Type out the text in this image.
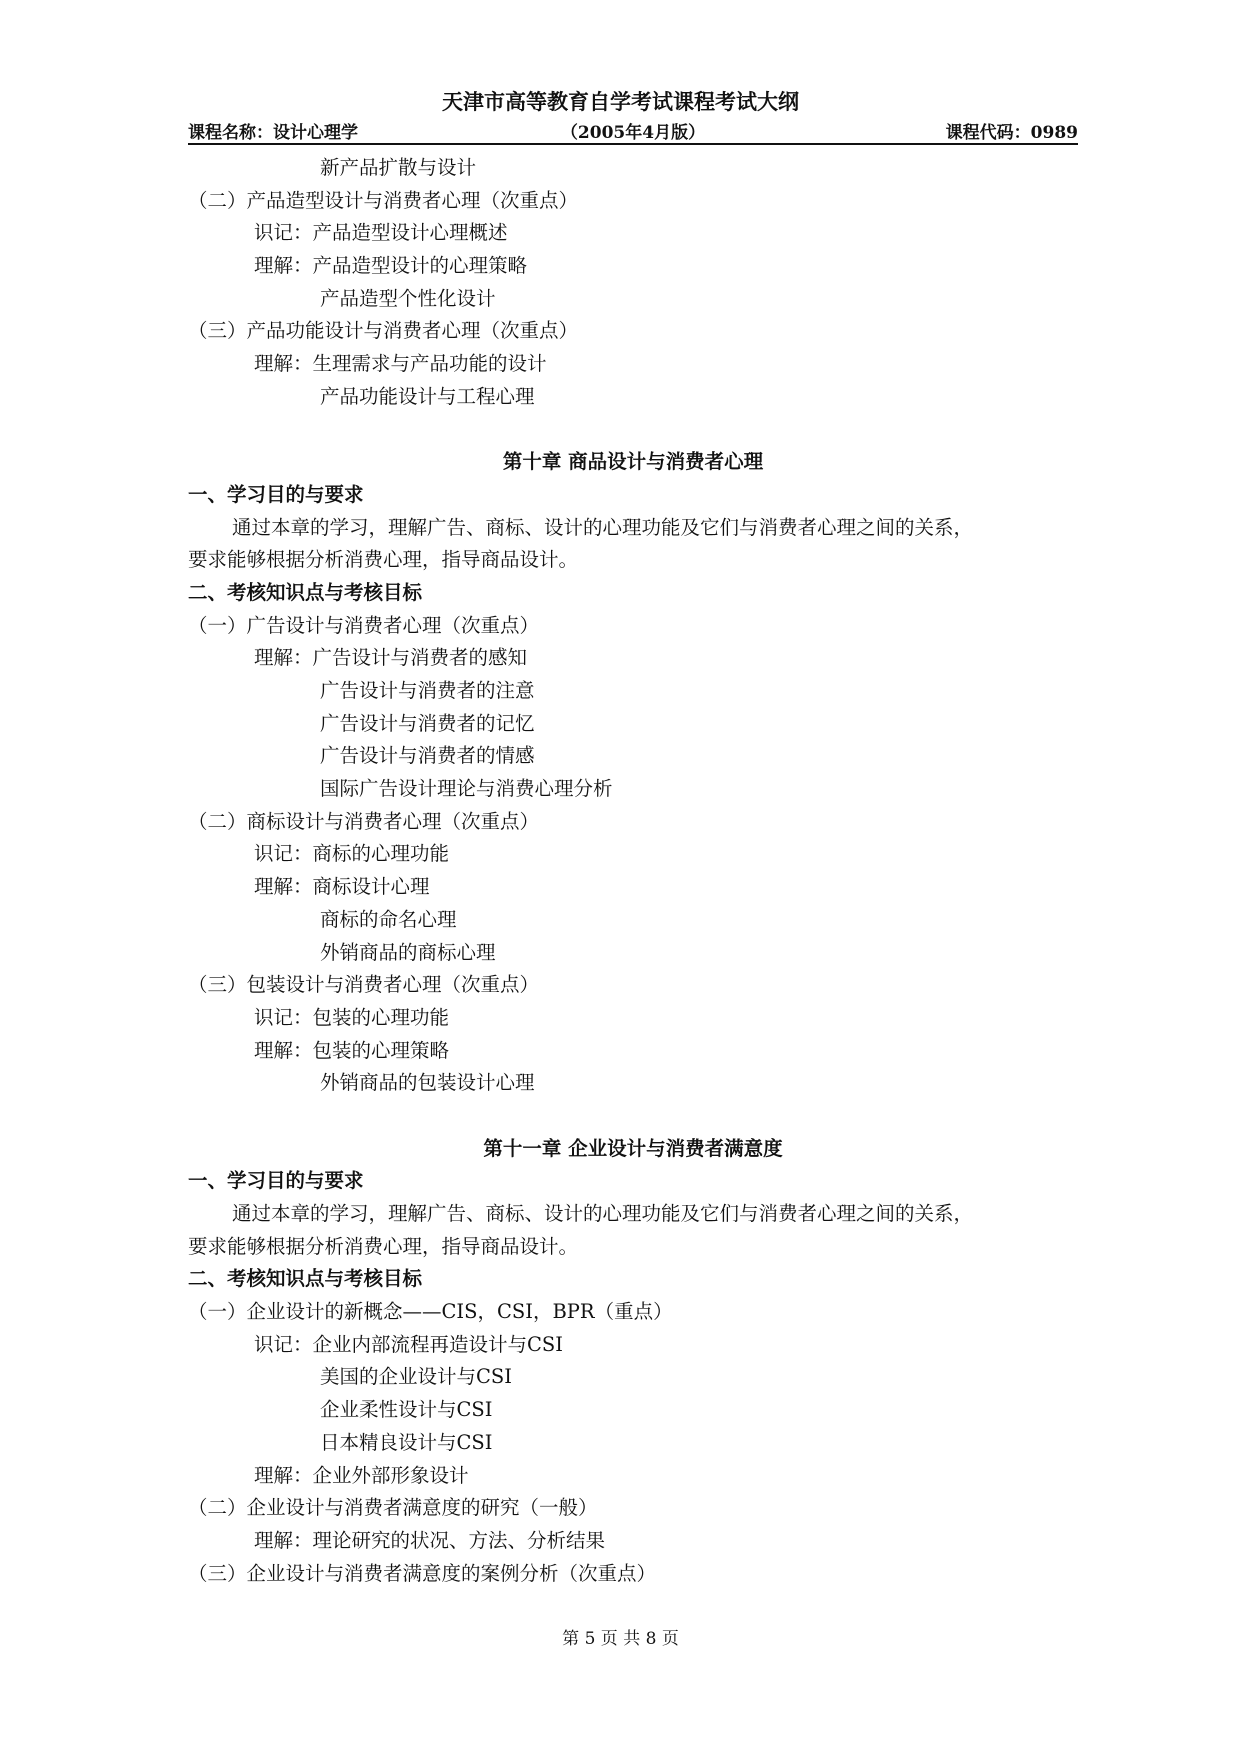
天津市高等教育自学考试课程考试大纲
课程名称：设计心理学	（2005年4月版）	课程代码：0989
新产品扩散与设计
（二）产品造型设计与消费者心理（次重点）
识记：产品造型设计心理概述
理解：产品造型设计的心理策略
产品造型个性化设计
（三）产品功能设计与消费者心理（次重点）
理解：生理需求与产品功能的设计
产品功能设计与工程心理
第十章 商品设计与消费者心理
一、学习目的与要求
通过本章的学习，理解广告、商标、设计的心理功能及它们与消费者心理之间的关系，
要求能够根据分析消费心理，指导商品设计。
二、考核知识点与考核目标
（一）广告设计与消费者心理（次重点）
理解：广告设计与消费者的感知
广告设计与消费者的注意
广告设计与消费者的记忆
广告设计与消费者的情感
国际广告设计理论与消费心理分析
（二）商标设计与消费者心理（次重点）
识记：商标的心理功能
理解：商标设计心理
商标的命名心理
外销商品的商标心理
（三）包装设计与消费者心理（次重点）
识记：包装的心理功能
理解：包装的心理策略
外销商品的包装设计心理
第十一章 企业设计与消费者满意度
一、学习目的与要求
通过本章的学习，理解广告、商标、设计的心理功能及它们与消费者心理之间的关系，
要求能够根据分析消费心理，指导商品设计。
二、考核知识点与考核目标
（一）企业设计的新概念——CIS，CSI，BPR（重点）
识记：企业内部流程再造设计与CSI
美国的企业设计与CSI
企业柔性设计与CSI
日本精良设计与CSI
理解：企业外部形象设计
（二）企业设计与消费者满意度的研究（一般）
理解：理论研究的状况、方法、分析结果
（三）企业设计与消费者满意度的案例分析（次重点）
第 5 页 共 8 页
